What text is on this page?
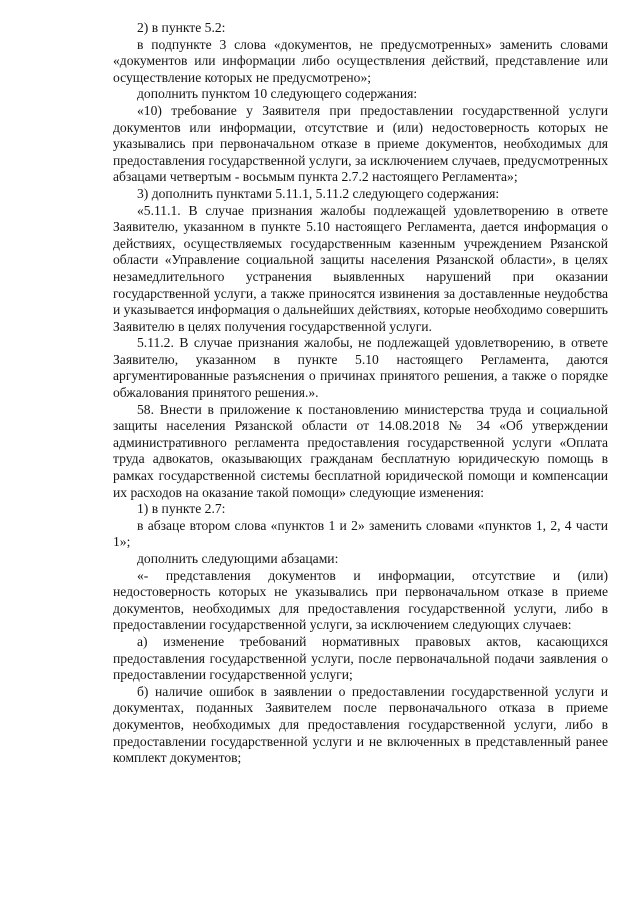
2) в пункте 5.2:

в подпункте 3 слова «документов, не предусмотренных» заменить словами «документов или информации либо осуществления действий, представление или осуществление которых не предусмотрено»;

дополнить пунктом 10 следующего содержания:

«10) требование у Заявителя при предоставлении государственной услуги документов или информации, отсутствие и (или) недостоверность которых не указывались при первоначальном отказе в приеме документов, необходимых для предоставления государственной услуги, за исключением случаев, предусмотренных абзацами четвертым - восьмым пункта 2.7.2 настоящего Регламента»;

3) дополнить пунктами 5.11.1, 5.11.2 следующего содержания:

«5.11.1. В случае признания жалобы подлежащей удовлетворению в ответе Заявителю, указанном в пункте 5.10 настоящего Регламента, дается информация о действиях, осуществляемых государственным казенным учреждением Рязанской области «Управление социальной защиты населения Рязанской области», в целях незамедлительного устранения выявленных нарушений при оказании государственной услуги, а также приносятся извинения за доставленные неудобства и указывается информация о дальнейших действиях, которые необходимо совершить Заявителю в целях получения государственной услуги.

5.11.2. В случае признания жалобы, не подлежащей удовлетворению, в ответе Заявителю, указанном в пункте 5.10 настоящего Регламента, даются аргументированные разъяснения о причинах принятого решения, а также о порядке обжалования принятого решения.».

58. Внести в приложение к постановлению министерства труда и социальной защиты населения Рязанской области от 14.08.2018 № 34 «Об утверждении административного регламента предоставления государственной услуги «Оплата труда адвокатов, оказывающих гражданам бесплатную юридическую помощь в рамках государственной системы бесплатной юридической помощи и компенсации их расходов на оказание такой помощи» следующие изменения:

1) в пункте 2.7:

в абзаце втором слова «пунктов 1 и 2» заменить словами «пунктов 1, 2, 4 части 1»;

дополнить следующими абзацами:

«- представления документов и информации, отсутствие и (или) недостоверность которых не указывались при первоначальном отказе в приеме документов, необходимых для предоставления государственной услуги, либо в предоставлении государственной услуги, за исключением следующих случаев:

а) изменение требований нормативных правовых актов, касающихся предоставления государственной услуги, после первоначальной подачи заявления о предоставлении государственной услуги;

б) наличие ошибок в заявлении о предоставлении государственной услуги и документах, поданных Заявителем после первоначального отказа в приеме документов, необходимых для предоставления государственной услуги, либо в предоставлении государственной услуги и не включенных в представленный ранее комплект документов;
